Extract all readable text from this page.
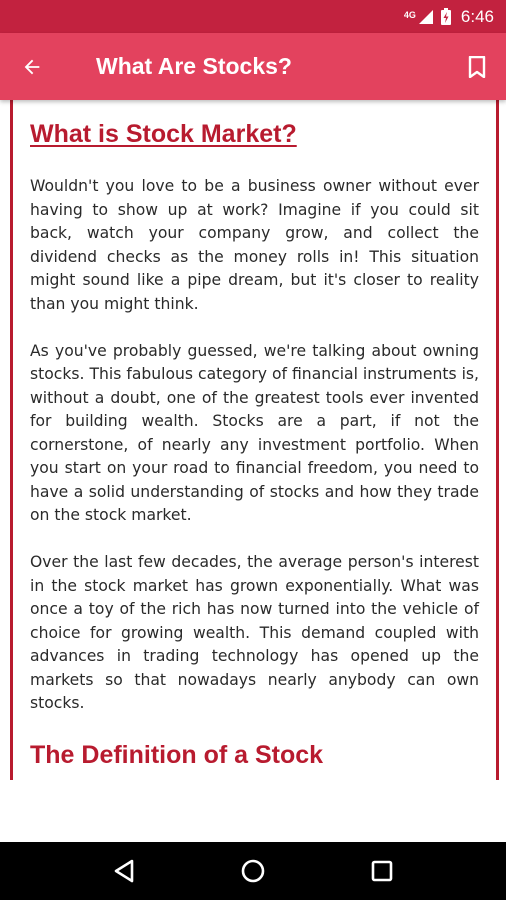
4G	6:46
What Are Stocks?
What is Stock Market?

Wouldn't you love to be a business owner without ever having to show up at work? Imagine if you could sit back, watch your company grow, and collect the dividend checks as the money rolls in! This situation might sound like a pipe dream, but it's closer to reality than you might think.

As you've probably guessed, we're talking about owning stocks. This fabulous category of financial instruments is, without a doubt, one of the greatest tools ever invented for building wealth. Stocks are a part, if not the cornerstone, of nearly any investment portfolio. When you start on your road to financial freedom, you need to have a solid understanding of stocks and how they trade on the stock market.

Over the last few decades, the average person's interest in the stock market has grown exponentially. What was once a toy of the rich has now turned into the vehicle of choice for growing wealth. This demand coupled with advances in trading technology has opened up the markets so that nowadays nearly anybody can own stocks.

The Definition of a Stock
